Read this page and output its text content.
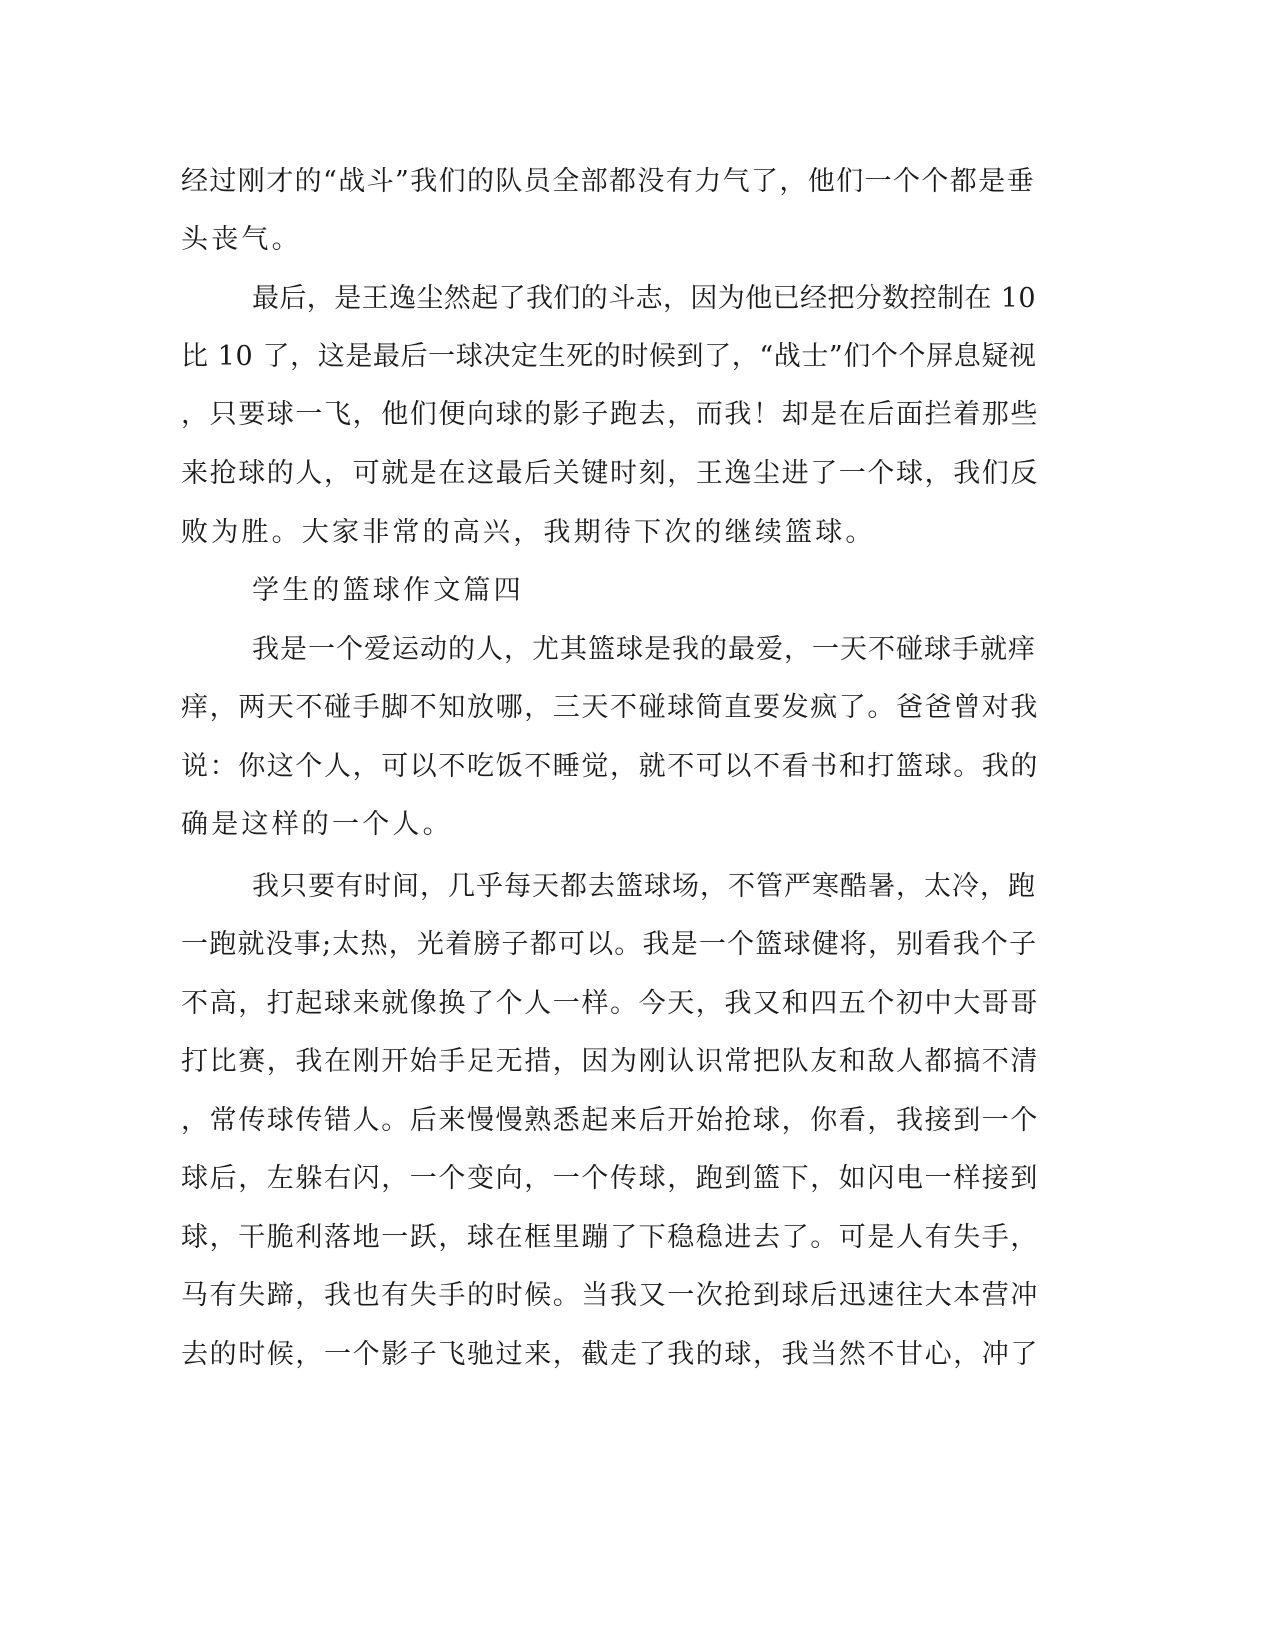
经过刚才的“战斗”我们的队员全部都没有力气了，他们一个个都是垂
头丧气。
最后，是王逸尘然起了我们的斗志，因为他已经把分数控制在 10
比 10 了，这是最后一球决定生死的时候到了，“战士”们个个屏息疑视
，只要球一飞，他们便向球的影子跑去，而我！却是在后面拦着那些
来抢球的人，可就是在这最后关键时刻，王逸尘进了一个球，我们反
败为胜。大家非常的高兴，我期待下次的继续篮球。
学生的篮球作文篇四
我是一个爱运动的人，尤其篮球是我的最爱，一天不碰球手就痒
痒，两天不碰手脚不知放哪，三天不碰球简直要发疯了。爸爸曾对我
说：你这个人，可以不吃饭不睡觉，就不可以不看书和打篮球。我的
确是这样的一个人。
我只要有时间，几乎每天都去篮球场，不管严寒酷暑，太冷，跑
一跑就没事;太热，光着膀子都可以。我是一个篮球健将，别看我个子
不高，打起球来就像换了个人一样。今天，我又和四五个初中大哥哥
打比赛，我在刚开始手足无措，因为刚认识常把队友和敌人都搞不清
，常传球传错人。后来慢慢熟悉起来后开始抢球，你看，我接到一个
球后，左躲右闪，一个变向，一个传球，跑到篮下，如闪电一样接到
球，干脆利落地一跃，球在框里蹦了下稳稳进去了。可是人有失手，
马有失蹄，我也有失手的时候。当我又一次抢到球后迅速往大本营冲
去的时候，一个影子飞驰过来，截走了我的球，我当然不甘心，冲了
